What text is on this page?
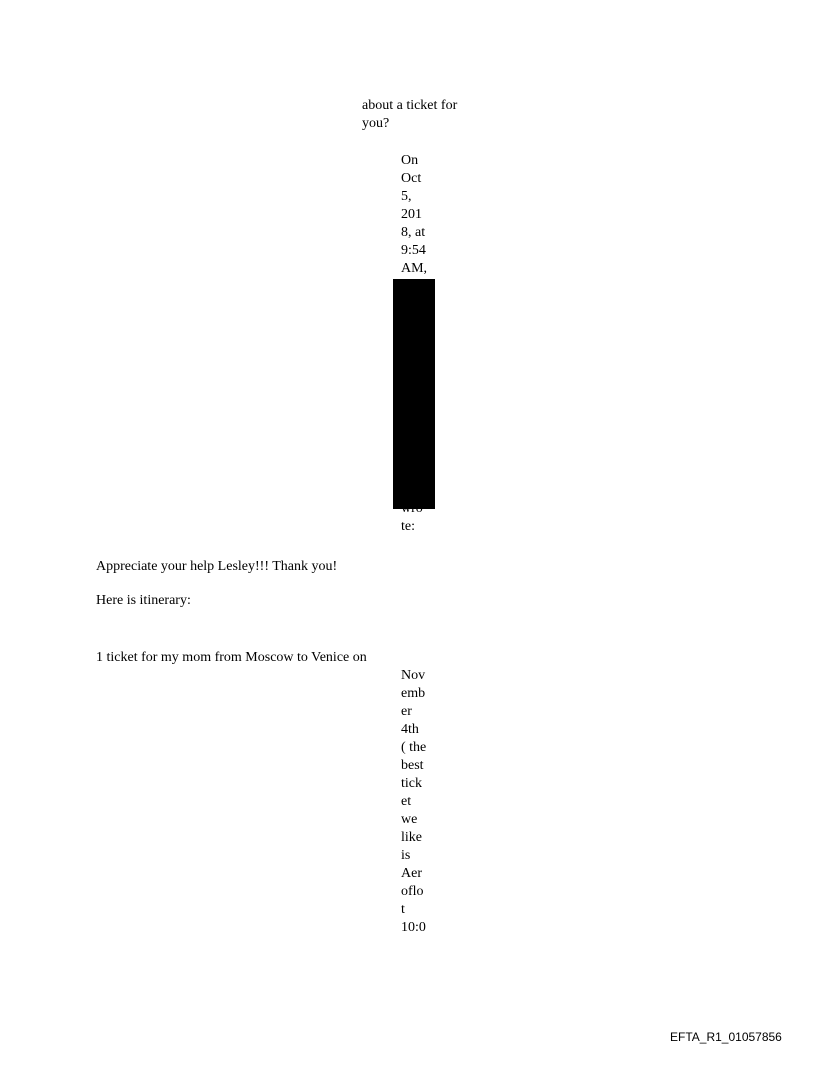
about a ticket for
you?
On
Oct
5,
201
8, at
9:54
AM,
te:
Appreciate your help Lesley!!! Thank you!
Here is itinerary:
1 ticket for my mom from Moscow to Venice on
Nov
emb
er
4th
( the
best
tick
et
we
like
is
Aer
oflo
t
10:0
EFTA_R1_01057856
